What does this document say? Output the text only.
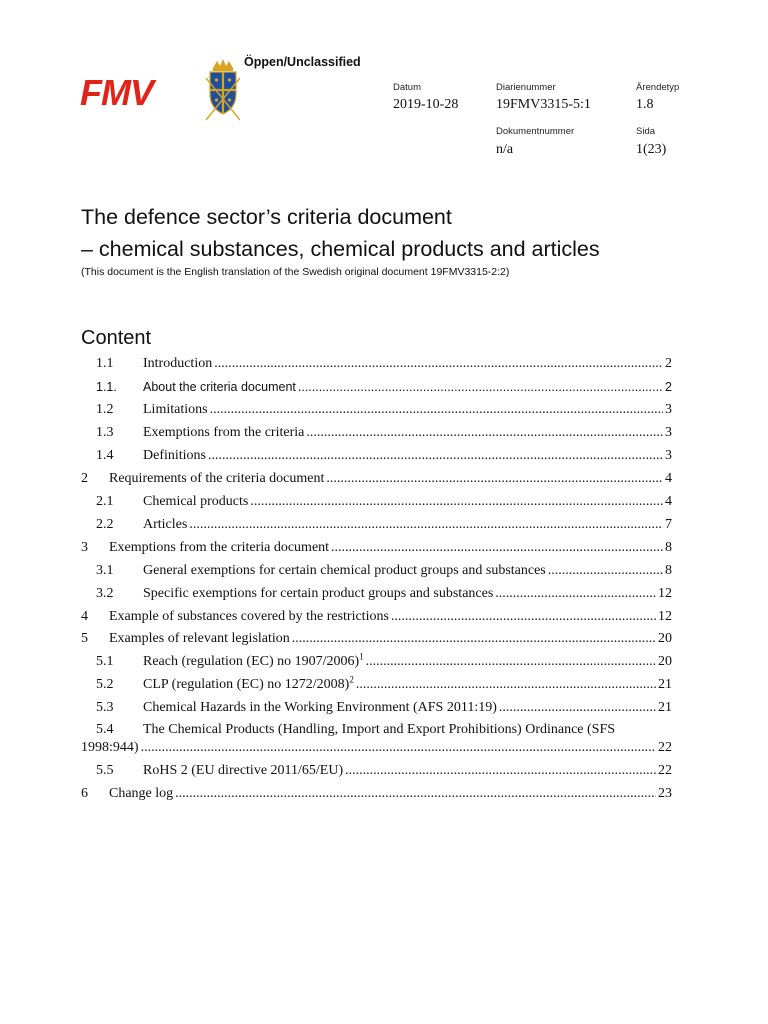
Öppen/Unclassified
FMV	Datum
2019-10-28
Diarienummer
19FMV3315-5:1
Ärendetyp
1.8
Dokumentnummer
n/a
Sida
1(23)
The defence sector’s criteria document
– chemical substances, chemical products and articles
(This document is the English translation of the Swedish original document 19FMV3315-2:2)
Content
1.1	Introduction .....	2
1.1.	About the criteria document .....	2
1.2	Limitations .....	3
1.3	Exemptions from the criteria .....	3
1.4	Definitions .....	3
2	Requirements of the criteria document .....	4
2.1	Chemical products .....	4
2.2	Articles .....	7
3	Exemptions from the criteria document .....	8
3.1	General exemptions for certain chemical product groups and substances .....	8
3.2	Specific exemptions for certain product groups and substances .....	12
4	Example of substances covered by the restrictions .....	12
5	Examples of relevant legislation .....	20
5.1	Reach (regulation (EC) no 1907/2006)$^1$ .....	20
5.2	CLP (regulation (EC) no 1272/2008)$^2$ .....	21
5.3	Chemical Hazards in the Working Environment (AFS 2011:19) .....	21
5.4 The Chemical Products (Handling, Import and Export Prohibitions) Ordinance (SFS
1998:944) .....	22
5.5	RoHS 2 (EU directive 2011/65/EU) .....	22
6	Change log .....	23
